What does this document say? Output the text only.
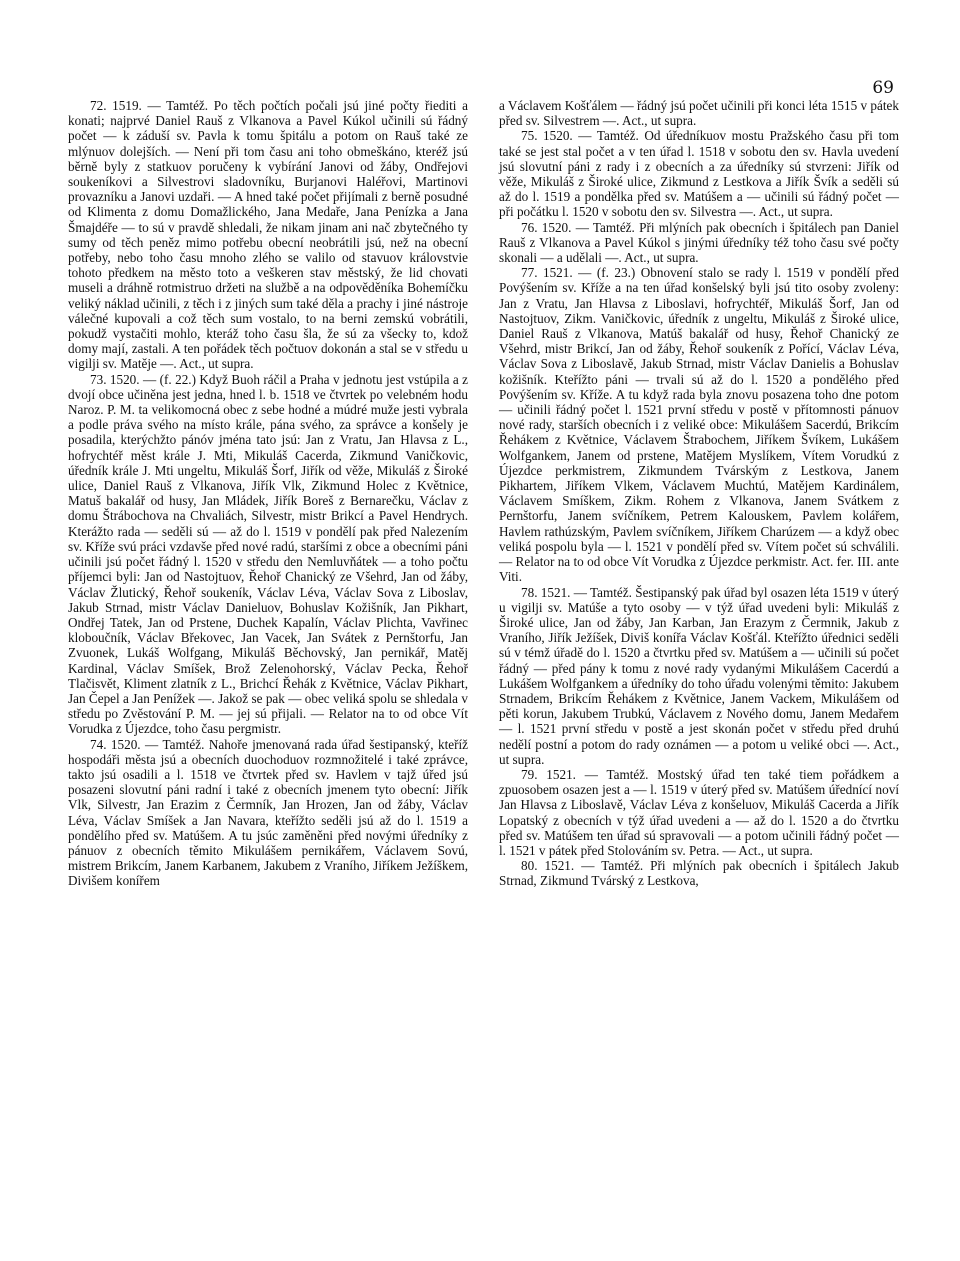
69

72. 1519. — Tamtéž. Po těch počtích počali jsú jiné počty řiediti a konati; najprvé Daniel Rauš z Vlkanova a Pavel Kúkol učinili sú řádný počet — k záduší sv. Pavla k tomu špitálu a potom on Rauš také ze mlýnuov dolejších. — Není při tom času ani toho obmeškáno, kteréž jsú běrně byly z statkuov poručeny k vybírání Janovi od žáby, Ondřejovi soukeníkovi a Silvestrovi sladovníku, Burjanovi Haléřovi, Martinovi provazníku a Janovi uzdaři. — A hned také počet přijímali z berně posudné od Klimenta z domu Domažlického, Jana Medaře, Jana Penízka a Jana Šmajdéře — to sú v pravdě shledali, že nikam jinam ani nač zbytečného ty sumy od těch peněz mimo potřebu obecní neobrátili jsú, než na obecní potřeby, nebo toho času mnoho zlého se valilo od stavuov královstvie tohoto předkem na město toto a veškeren stav městský, že lid chovati museli a dráhně rotmistruo držeti na službě a na odpověděníka Bohemíčku veliký náklad učinili, z těch i z jiných sum také děla a prachy i jiné nástroje válečné kupovali a což těch sum vostalo, to na berni zemskú vobrátili, pokudž vystačiti mohlo, kteráž toho času šla, že sú za všecky to, kdož domy mají, zastali. A ten pořádek těch počtuov dokonán a stal se v středu u vigilji sv. Matěje —. Act., ut supra.

73. 1520. — (f. 22.) Když Buoh ráčil a Praha v jednotu jest vstúpila a z dvojí obce učiněna jest jedna, hned l. b. 1518 ve čtvrtek po velebném hodu Naroz. P. M. ta velikomocná obec z sebe hodné a múdré muže jesti vybrala a podle práva svého na místo krále, pána svého, za správce a konšely je posadila, kterýchžto pánóv jména tato jsú: Jan z Vratu, Jan Hlavsa z L., hofrychtéř měst krále J. Mti, Mikuláš Cacerda, Zikmund Vaničkovic, úředník krále J. Mti ungeltu, Mikuláš Šorf, Jiřík od věže, Mikuláš z Široké ulice, Daniel Rauš z Vlkanova, Jiřík Vlk, Zikmund Holec z Květnice, Matuš bakalář od husy, Jan Mládek, Jiřík Boreš z Bernarečku, Václav z domu Štrábochova na Chvaliách, Silvestr, mistr Brikcí a Pavel Hendrych. Kterážto rada — seděli sú — až do l. 1519 v pondělí pak před Nalezením sv. Kříže svú práci vzdavše před nové radú, staršími z obce a obecními páni učinili jsú počet řádný l. 1520 v středu den Nemluvňátek — a toho počtu příjemci byli: Jan od Nastojtuov, Řehoř Chanický ze Všehrd, Jan od žáby, Václav Žlutický, Řehoř soukeník, Václav Léva, Václav Sova z Liboslav, Jakub Strnad, mistr Václav Danieluov, Bohuslav Kožišník, Jan Pikhart, Ondřej Tatek, Jan od Prstene, Duchek Kapalín, Václav Plichta, Vavřinec kloboučník, Václav Břekovec, Jan Vacek, Jan Svátek z Pernštorfu, Jan Zvuonek, Lukáš Wolfgang, Mikuláš Běchovský, Jan pernikář, Matěj Kardinal, Václav Smíšek, Brož Zelenohorský, Václav Pecka, Řehoř Tlačisvět, Kliment zlatník z L., Brichcí Řehák z Květnice, Václav Pikhart, Jan Čepel a Jan Penížek —. Jakož se pak — obec veliká spolu se shledala v středu po Zvěstování P. M. — jej sú přijali. — Relator na to od obce Vít Vorudka z Újezdce, toho času pergmistr.

74. 1520. — Tamtéž. Nahoře jmenovaná rada úřad šestipanský, kteříž hospodáři města jsú a obecních duochoduov rozmnožitelé i také zprávce, takto jsú osadili a l. 1518 ve čtvrtek před sv. Havlem v tajž úřed jsú posazeni slovutní páni radní i také z obecních jmenem tyto obecní: Jiřík Vlk, Silvestr, Jan Erazim z Čermník, Jan Hrozen, Jan od žáby, Václav Léva, Václav Smíšek a Jan Navara, kteřížto seděli jsú až do l. 1519 a pondělího před sv. Matúšem. A tu jsúc zaměněni před novými úředníky z pánuov z obecních těmito Mikulášem pernikářem, Václavem Sovú, mistrem Brikcím, Janem Karbanem, Jakubem z Vraního, Jiříkem Ježíškem, Divišem konířem

a Václavem Košťálem — řádný jsú počet učinili při konci léta 1515 v pátek před sv. Silvestrem —. Act., ut supra.

75. 1520. — Tamtéž. Od úředníkuov mostu Pražského času při tom také se jest stal počet a v ten úřad l. 1518 v sobotu den sv. Havla uvedení jsú slovutní páni z rady i z obecních a za úředníky sú stvrzeni: Jiřík od věže, Mikuláš z Široké ulice, Zikmund z Lestkova a Jiřík Švík a seděli sú až do l. 1519 a pondělka před sv. Matúšem a — učinili sú řádný počet — při počátku l. 1520 v sobotu den sv. Silvestra —. Act., ut supra.

76. 1520. — Tamtéž. Při mlýních pak obecních i špitálech pan Daniel Rauš z Vlkanova a Pavel Kúkol s jinými úředníky též toho času své počty skonali — a udělali —. Act., ut supra.

77. 1521. — (f. 23.) Obnovení stalo se rady l. 1519 v pondělí před Povýšením sv. Kříže a na ten úřad konšelský byli jsú tito osoby zvoleny: Jan z Vratu, Jan Hlavsa z Liboslavi, hofrychtéř, Mikuláš Šorf, Jan od Nastojtuov, Zikm. Vaničkovic, úředník z ungeltu, Mikuláš z Široké ulice, Daniel Rauš z Vlkanova, Matúš bakalář od husy, Řehoř Chanický ze Všehrd, mistr Brikcí, Jan od žáby, Řehoř soukeník z Pořící, Václav Léva, Václav Sova z Liboslavě, Jakub Strnad, mistr Václav Danielis a Bohuslav kožišník. Kteřížto páni — trvali sú až do l. 1520 a pondělého před Povýšením sv. Kříže. A tu když rada byla znovu posazena toho dne potom — učinili řádný počet l. 1521 první středu v postě v přítomnosti pánuov nové rady, starších obecních i z veliké obce: Mikulášem Sacerdú, Brikcím Řehákem z Květnice, Václavem Štrabochem, Jiříkem Švíkem, Lukášem Wolfgankem, Janem od prstene, Matějem Myslíkem, Vítem Vorudkú z Újezdce perkmistrem, Zikmundem Tvárským z Lestkova, Janem Pikhartem, Jiříkem Vlkem, Václavem Muchtú, Matějem Kardinálem, Václavem Smíškem, Zikm. Rohem z Vlkanova, Janem Svátkem z Pernštorfu, Janem svíčníkem, Petrem Kalouskem, Pavlem kolářem, Havlem rathúzským, Pavlem svíčníkem, Jiříkem Charúzem — a když obec veliká pospolu byla — l. 1521 v pondělí před sv. Vítem počet sú schválili. — Relator na to od obce Vít Vorudka z Újezdce perkmistr. Act. fer. III. ante Viti.

78. 1521. — Tamtéž. Šestipanský pak úřad byl osazen léta 1519 v úterý u vigilji sv. Matúše a tyto osoby — v týž úřad uvedeni byli: Mikuláš z Široké ulice, Jan od žáby, Jan Karban, Jan Erazym z Čermnik, Jakub z Vraního, Jiřík Ježíšek, Diviš konířa Václav Košťál. Kteřížto úřednici seděli sú v témž úřadě do l. 1520 a čtvrtku před sv. Matúšem a — učinili sú počet řádný — před pány k tomu z nové rady vydanými Mikulášem Cacerdú a Lukášem Wolfgankem a úředníky do toho úřadu volenými těmito: Jakubem Strnadem, Brikcím Řehákem z Květnice, Janem Vackem, Mikulášem od pěti korun, Jakubem Trubkú, Václavem z Nového domu, Janem Medařem — l. 1521 první středu v postě a jest skonán počet v středu před druhú nedělí postní a potom do rady oznámen — a potom u veliké obci —. Act., ut supra.

79. 1521. — Tamtéž. Mostský úřad ten také tiem pořádkem a zpuosobem osazen jest a — l. 1519 v úterý před sv. Matúšem úřednící noví Jan Hlavsa z Liboslavě, Václav Léva z konšeluov, Mikuláš Cacerda a Jiřík Lopatský z obecních v týž úřad uvedeni a — až do l. 1520 a do čtvrtku před sv. Matúšem ten úřad sú spravovali — a potom učinili řádný počet — l. 1521 v pátek před Stolováním sv. Petra. — Act., ut supra.

80. 1521. — Tamtéž. Při mlýních pak obecních i špitálech Jakub Strnad, Zikmund Tvárský z Lestkova,
